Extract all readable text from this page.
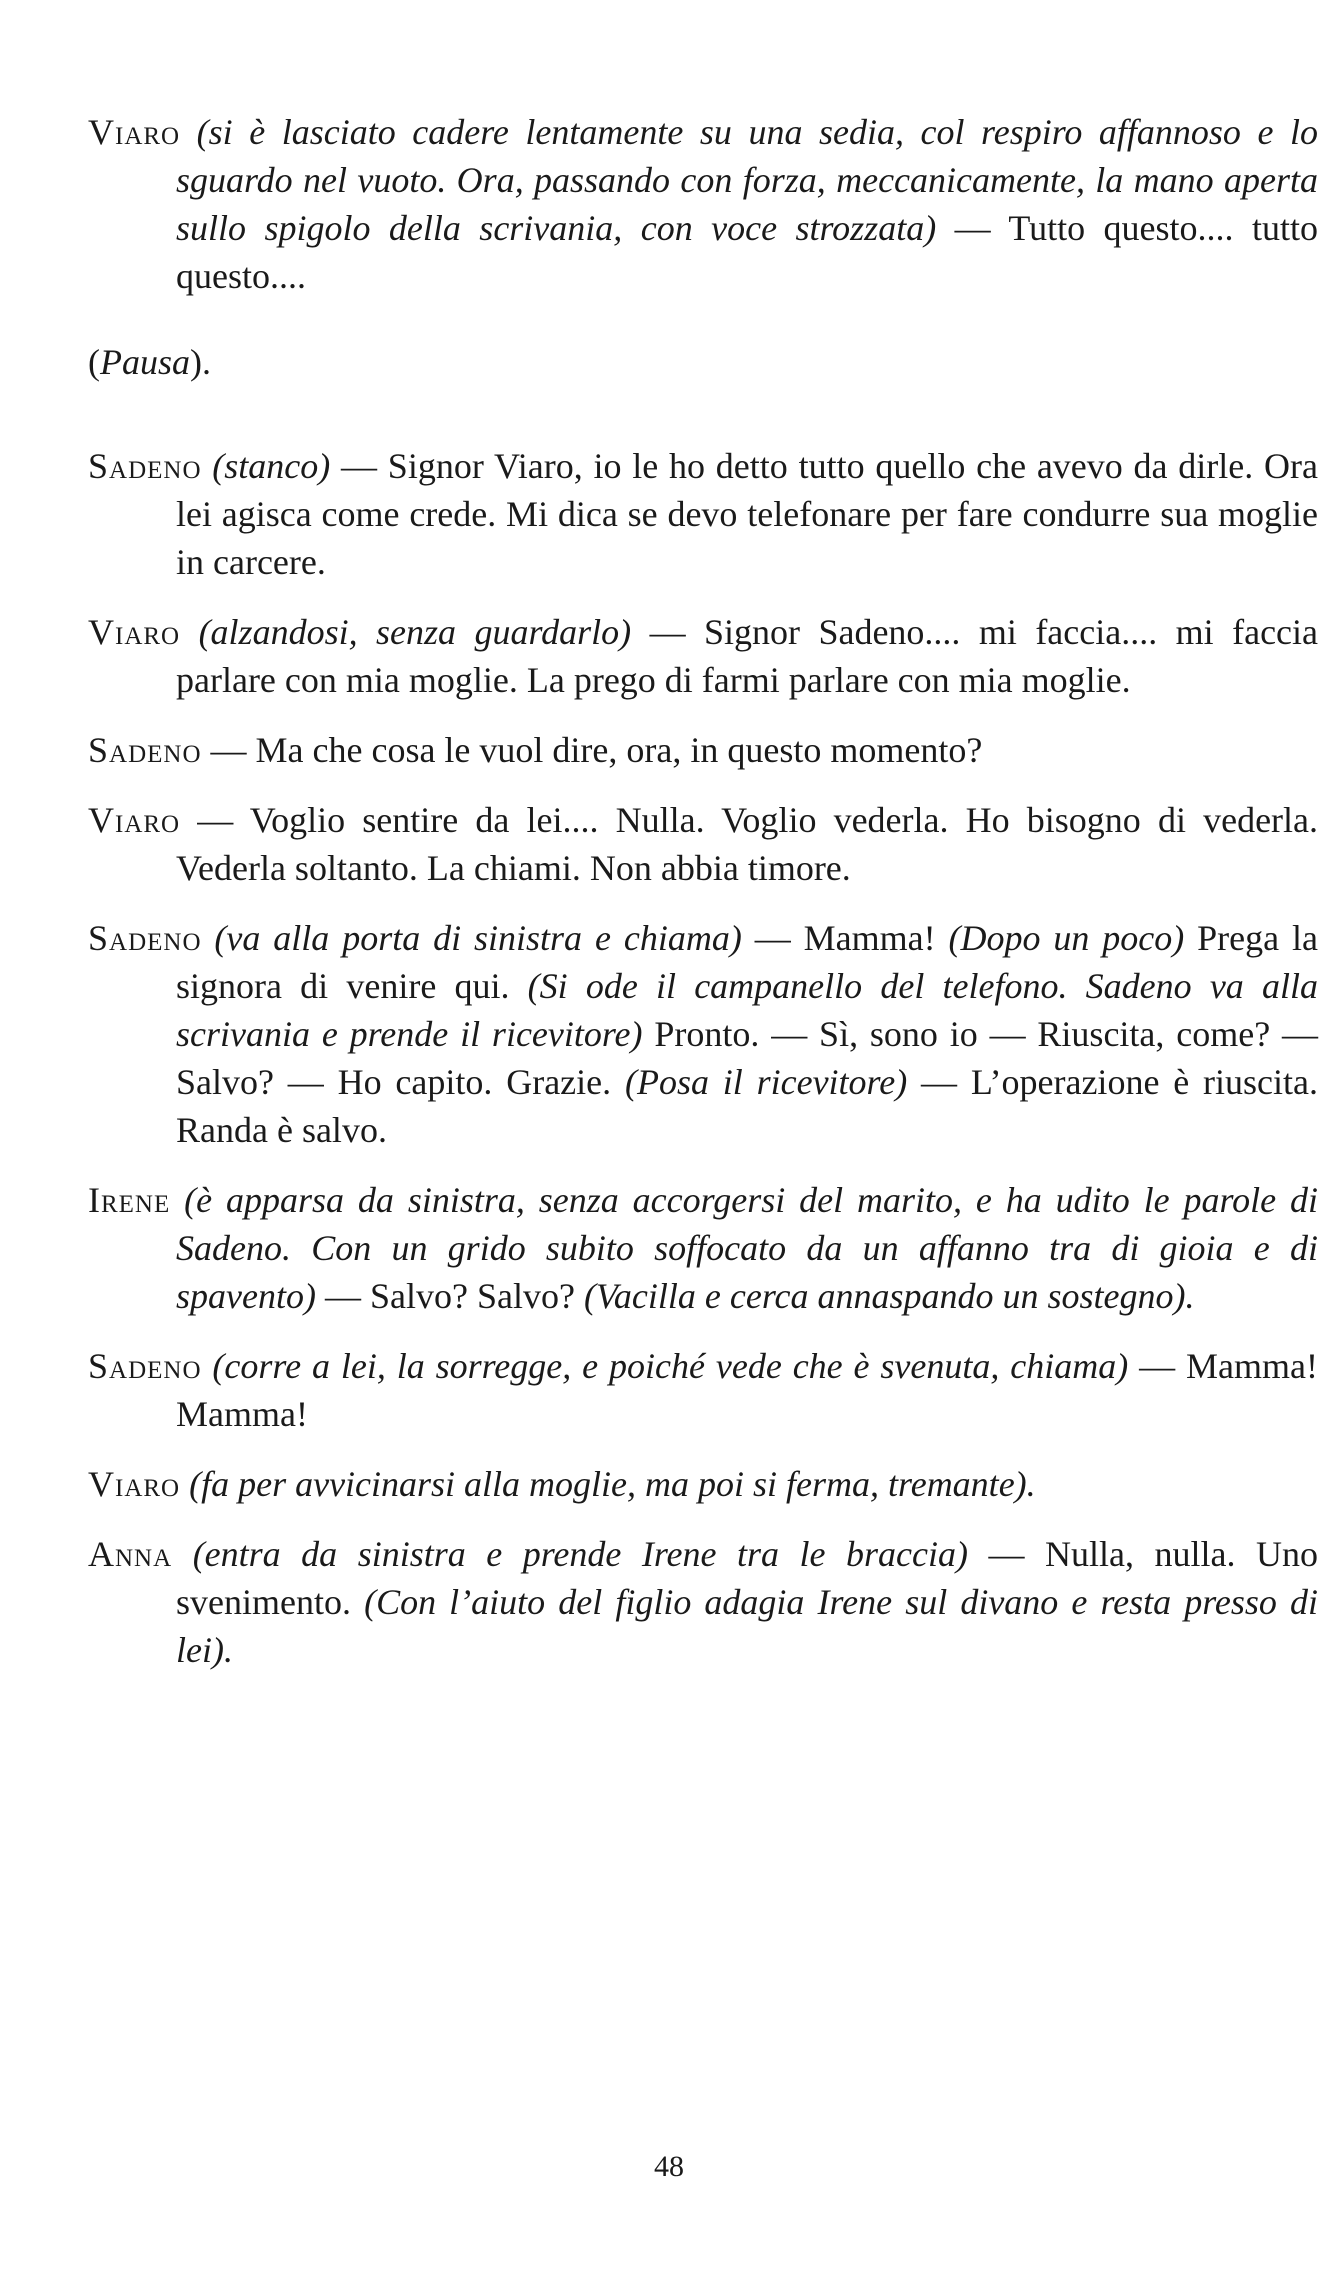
Viaro (si è lasciato cadere lentamente su una sedia, col respiro affannoso e lo sguardo nel vuoto. Ora, passando con forza, meccanicamente, la mano aperta sullo spigolo della scrivania, con voce strozzata) — Tutto questo.... tutto questo....

(Pausa).

Sadeno (stanco) — Signor Viaro, io le ho detto tutto quello che avevo da dirle. Ora lei agisca come crede. Mi dica se devo telefonare per fare condurre sua moglie in carcere.

Viaro (alzandosi, senza guardarlo) — Signor Sadeno.... mi faccia.... mi faccia parlare con mia moglie. La prego di farmi parlare con mia moglie.

Sadeno — Ma che cosa le vuol dire, ora, in questo momento?

Viaro — Voglio sentire da lei.... Nulla. Voglio vederla. Ho bisogno di vederla. Vederla soltanto. La chiami. Non abbia timore.

Sadeno (va alla porta di sinistra e chiama) — Mamma! (Dopo un poco) Prega la signora di venire qui. (Si ode il campanello del telefono. Sadeno va alla scrivania e prende il ricevitore) Pronto. — Sì, sono io — Riuscita, come? — Salvo? — Ho capito. Grazie. (Posa il ricevitore) — L’operazione è riuscita. Randa è salvo.

Irene (è apparsa da sinistra, senza accorgersi del marito, e ha udito le parole di Sadeno. Con un grido subito soffocato da un affanno tra di gioia e di spavento) — Salvo? Salvo? (Vacilla e cerca annaspando un sostegno).

Sadeno (corre a lei, la sorregge, e poiché vede che è svenuta, chiama) — Mamma! Mamma!

Viaro (fa per avvicinarsi alla moglie, ma poi si ferma, tremante).

Anna (entra da sinistra e prende Irene tra le braccia) — Nulla, nulla. Uno svenimento. (Con l’aiuto del figlio adagia Irene sul divano e resta presso di lei).

48
